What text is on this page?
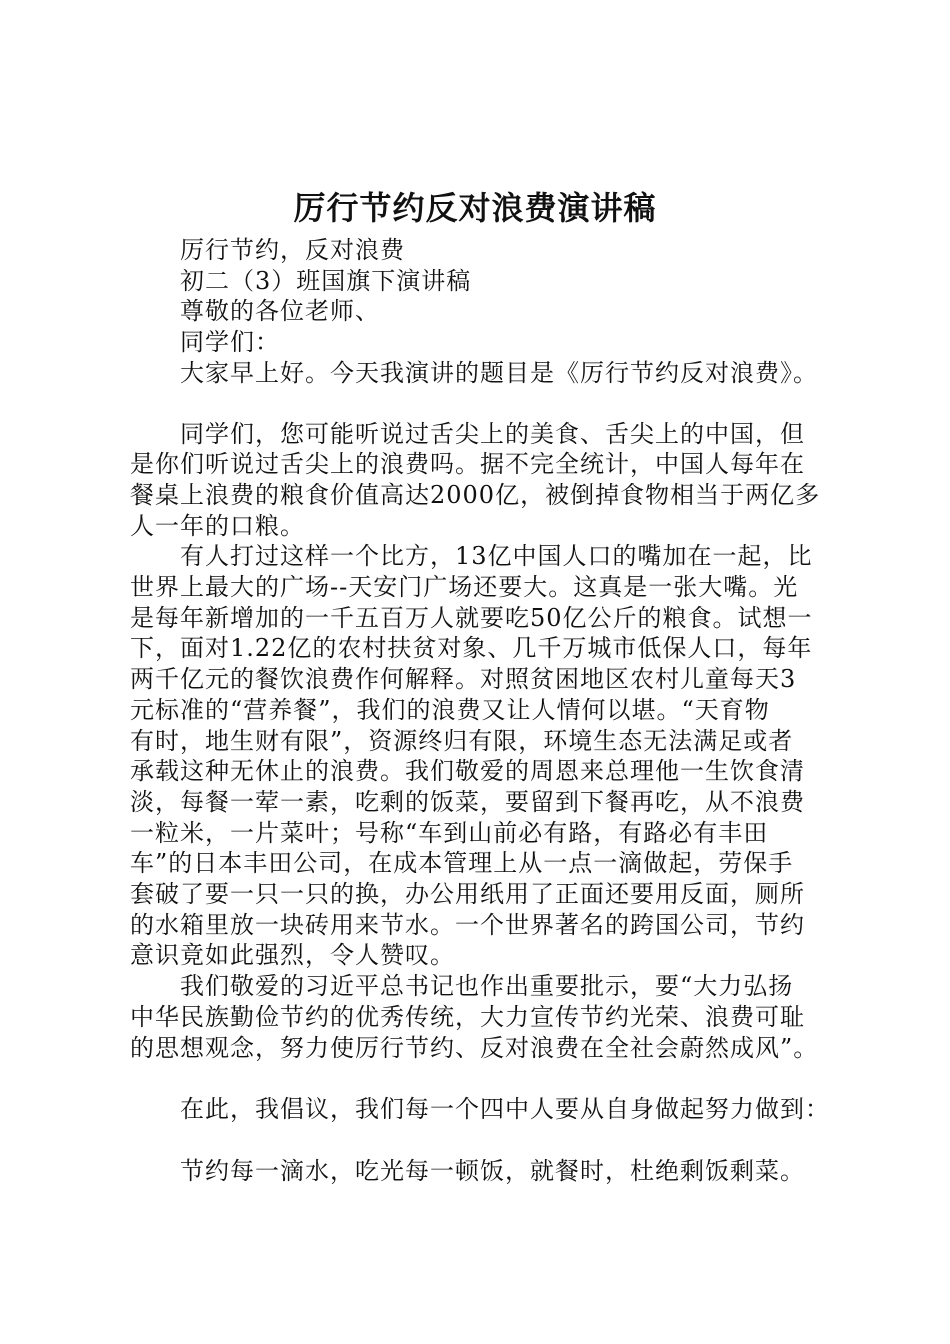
厉行节约反对浪费演讲稿
厉行节约，反对浪费
初二（3）班国旗下演讲稿
尊敬的各位老师、
同学们：
大家早上好。今天我演讲的题目是《厉行节约反对浪费》。
同学们，您可能听说过舌尖上的美食、舌尖上的中国，但
是你们听说过舌尖上的浪费吗。据不完全统计，中国人每年在
餐桌上浪费的粮食价值高达2000亿，被倒掉食物相当于两亿多
人一年的口粮。
有人打过这样一个比方，13亿中国人口的嘴加在一起，比
世界上最大的广场--天安门广场还要大。这真是一张大嘴。光
是每年新增加的一千五百万人就要吃50亿公斤的粮食。试想一
下，面对1.22亿的农村扶贫对象、几千万城市低保人口，每年
两千亿元的餐饮浪费作何解释。对照贫困地区农村儿童每天3
元标准的“营养餐”，我们的浪费又让人情何以堪。“天育物
有时，地生财有限”，资源终归有限，环境生态无法满足或者
承载这种无休止的浪费。我们敬爱的周恩来总理他一生饮食清
淡，每餐一荤一素，吃剩的饭菜，要留到下餐再吃，从不浪费
一粒米，一片菜叶；号称“车到山前必有路，有路必有丰田
车”的日本丰田公司，在成本管理上从一点一滴做起，劳保手
套破了要一只一只的换，办公用纸用了正面还要用反面，厕所
的水箱里放一块砖用来节水。一个世界著名的跨国公司，节约
意识竟如此强烈，令人赞叹。
我们敬爱的习近平总书记也作出重要批示，要“大力弘扬
中华民族勤俭节约的优秀传统，大力宣传节约光荣、浪费可耻
的思想观念，努力使厉行节约、反对浪费在全社会蔚然成风”。
在此，我倡议，我们每一个四中人要从自身做起努力做到：
节约每一滴水，吃光每一顿饭，就餐时，杜绝剩饭剩菜。
